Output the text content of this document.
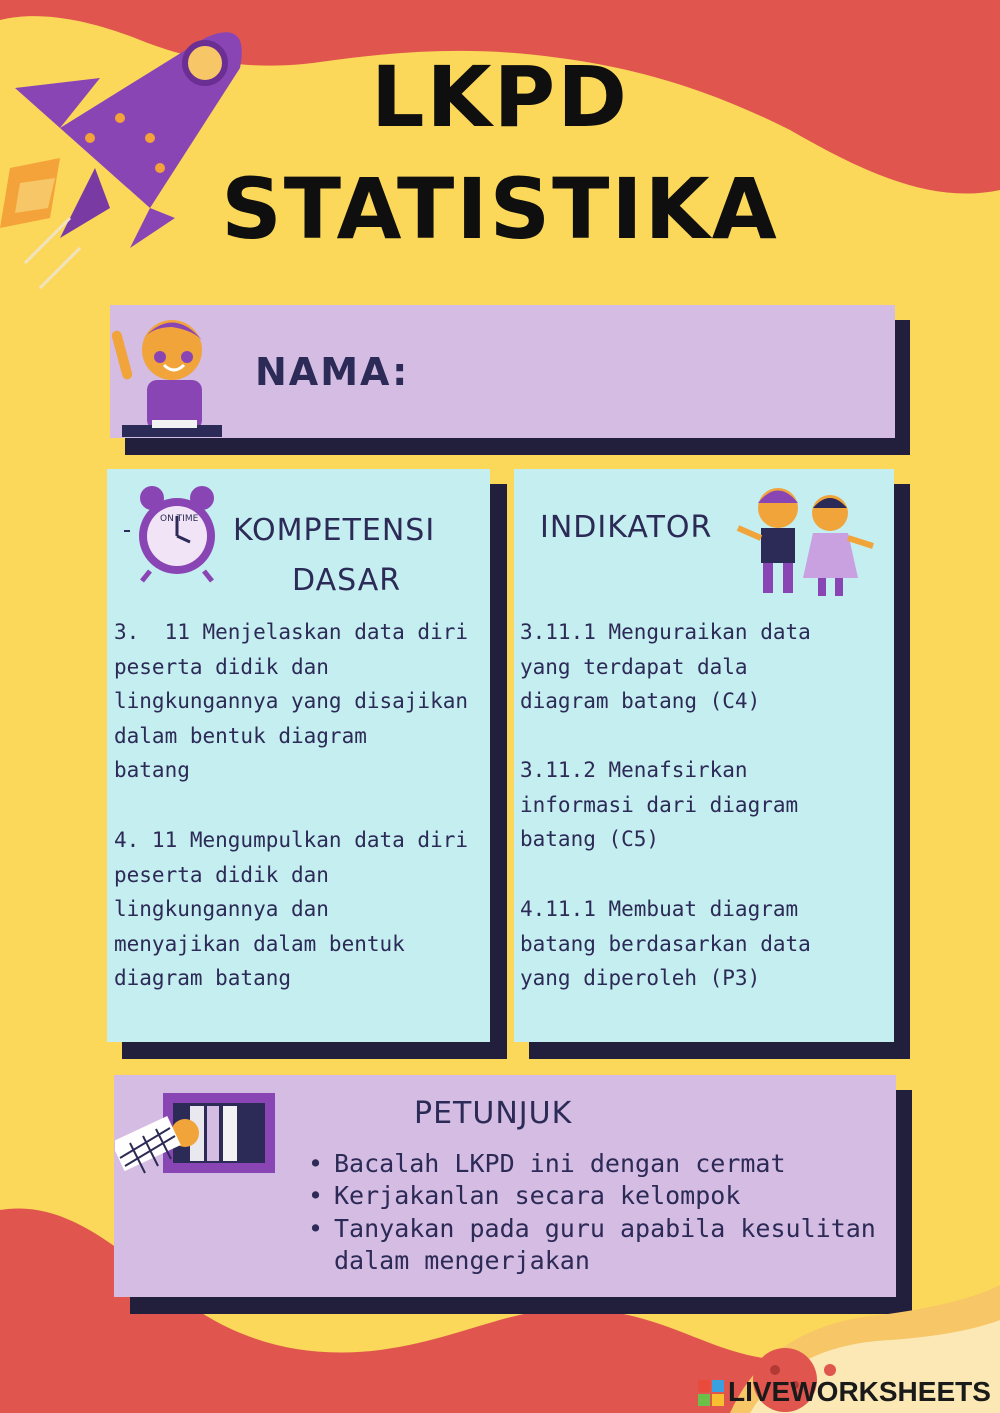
LKPD
STATISTIKA
NAMA:
ON TIME KOMPETENSI
DASAR
3.  11 Menjelaskan data diri
peserta didik dan
lingkungannya yang disajikan
dalam bentuk diagram
batang
4. 11 Mengumpulkan data diri
peserta didik dan
lingkungannya dan
menyajikan dalam bentuk
diagram batang
INDIKATOR
3.11.1 Menguraikan data
yang terdapat dala
diagram batang (C4)
3.11.2 Menafsirkan
informasi dari diagram
batang (C5)
4.11.1 Membuat diagram
batang berdasarkan data
yang diperoleh (P3)
PETUNJUK
• Bacalah LKPD ini dengan cermat
• Kerjakanlan secara kelompok
• Tanyakan pada guru apabila kesulitan
dalam mengerjakan
LIVEWORKSHEETS
